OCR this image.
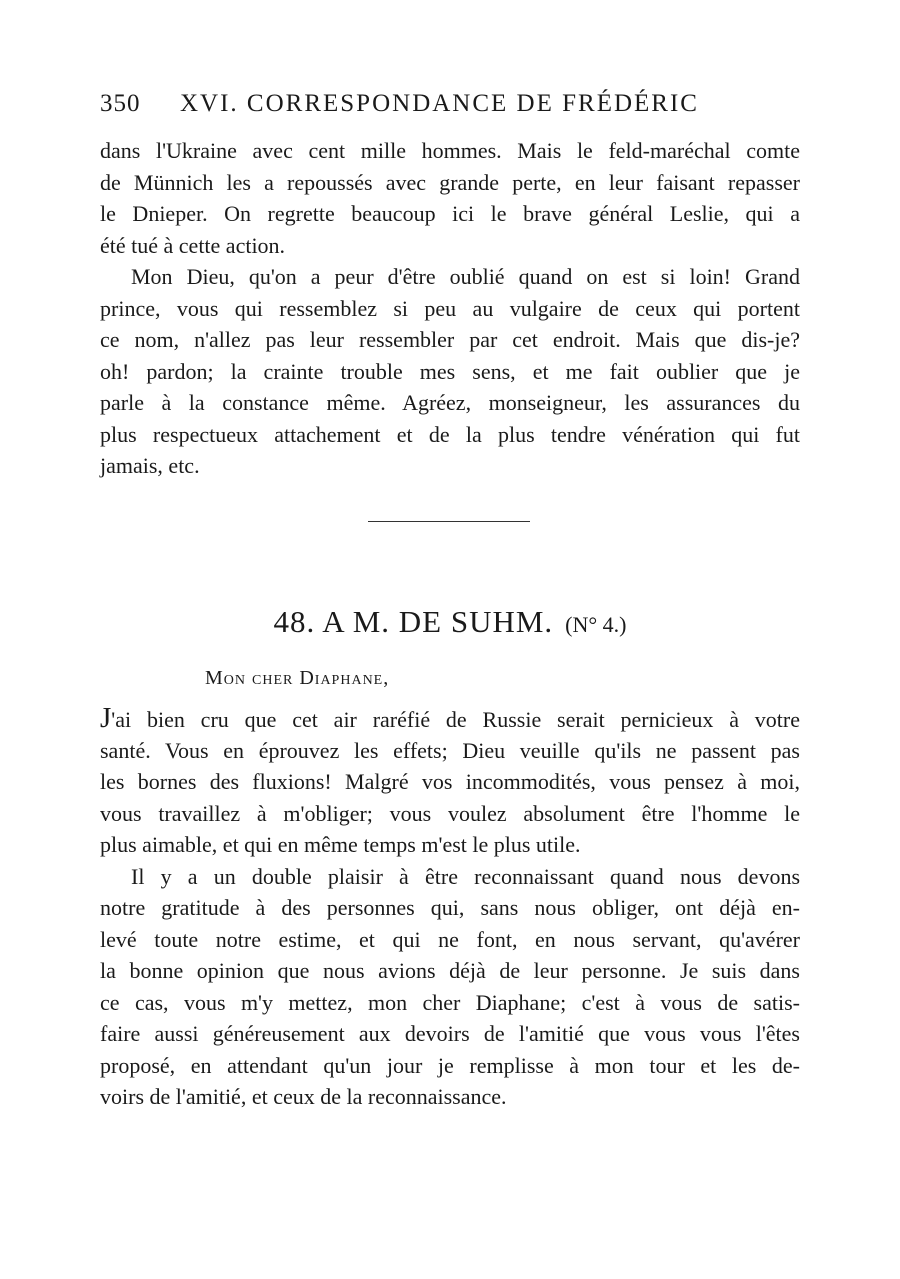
350 XVI. CORRESPONDANCE DE FRÉDÉRIC
dans l'Ukraine avec cent mille hommes. Mais le feld-maréchal comte
de Münnich les a repoussés avec grande perte, en leur faisant repasser
le Dnieper. On regrette beaucoup ici le brave général Leslie, qui a
été tué à cette action.
Mon Dieu, qu'on a peur d'être oublié quand on est si loin! Grand
prince, vous qui ressemblez si peu au vulgaire de ceux qui portent
ce nom, n'allez pas leur ressembler par cet endroit. Mais que dis-je?
oh! pardon; la crainte trouble mes sens, et me fait oublier que je
parle à la constance même. Agréez, monseigneur, les assurances du
plus respectueux attachement et de la plus tendre vénération qui fut
jamais, etc.
48. A M. DE SUHM. (N° 4.)
Mon cher Diaphane,
J'ai bien cru que cet air raréfié de Russie serait pernicieux à votre
santé. Vous en éprouvez les effets; Dieu veuille qu'ils ne passent pas
les bornes des fluxions! Malgré vos incommodités, vous pensez à moi,
vous travaillez à m'obliger; vous voulez absolument être l'homme le
plus aimable, et qui en même temps m'est le plus utile.
Il y a un double plaisir à être reconnaissant quand nous devons
notre gratitude à des personnes qui, sans nous obliger, ont déjà en-
levé toute notre estime, et qui ne font, en nous servant, qu'avérer
la bonne opinion que nous avions déjà de leur personne. Je suis dans
ce cas, vous m'y mettez, mon cher Diaphane; c'est à vous de satis-
faire aussi généreusement aux devoirs de l'amitié que vous vous l'êtes
proposé, en attendant qu'un jour je remplisse à mon tour et les de-
voirs de l'amitié, et ceux de la reconnaissance.
